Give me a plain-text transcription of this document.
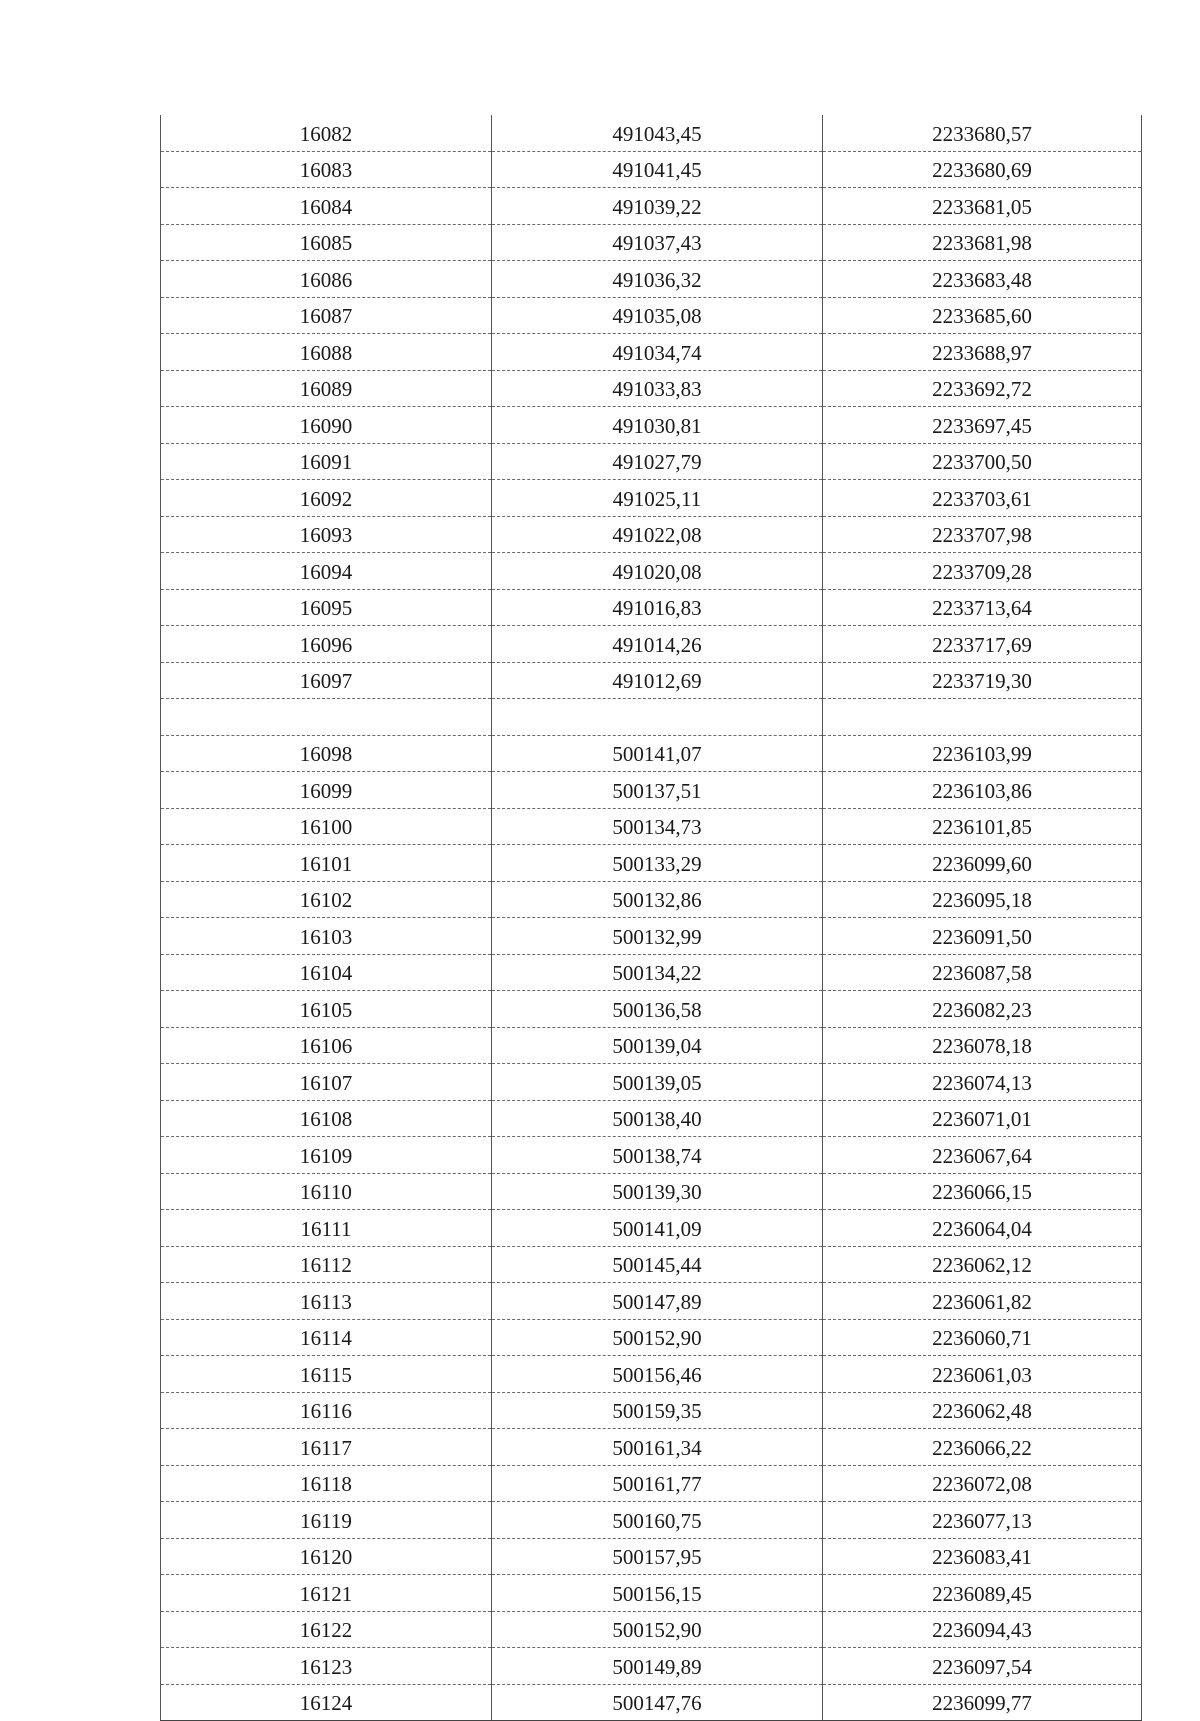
16082	491043,45	2233680,57
16083	491041,45	2233680,69
16084	491039,22	2233681,05
16085	491037,43	2233681,98
16086	491036,32	2233683,48
16087	491035,08	2233685,60
16088	491034,74	2233688,97
16089	491033,83	2233692,72
16090	491030,81	2233697,45
16091	491027,79	2233700,50
16092	491025,11	2233703,61
16093	491022,08	2233707,98
16094	491020,08	2233709,28
16095	491016,83	2233713,64
16096	491014,26	2233717,69
16097	491012,69	2233719,30

16098	500141,07	2236103,99
16099	500137,51	2236103,86
16100	500134,73	2236101,85
16101	500133,29	2236099,60
16102	500132,86	2236095,18
16103	500132,99	2236091,50
16104	500134,22	2236087,58
16105	500136,58	2236082,23
16106	500139,04	2236078,18
16107	500139,05	2236074,13
16108	500138,40	2236071,01
16109	500138,74	2236067,64
16110	500139,30	2236066,15
16111	500141,09	2236064,04
16112	500145,44	2236062,12
16113	500147,89	2236061,82
16114	500152,90	2236060,71
16115	500156,46	2236061,03
16116	500159,35	2236062,48
16117	500161,34	2236066,22
16118	500161,77	2236072,08
16119	500160,75	2236077,13
16120	500157,95	2236083,41
16121	500156,15	2236089,45
16122	500152,90	2236094,43
16123	500149,89	2236097,54
16124	500147,76	2236099,77
